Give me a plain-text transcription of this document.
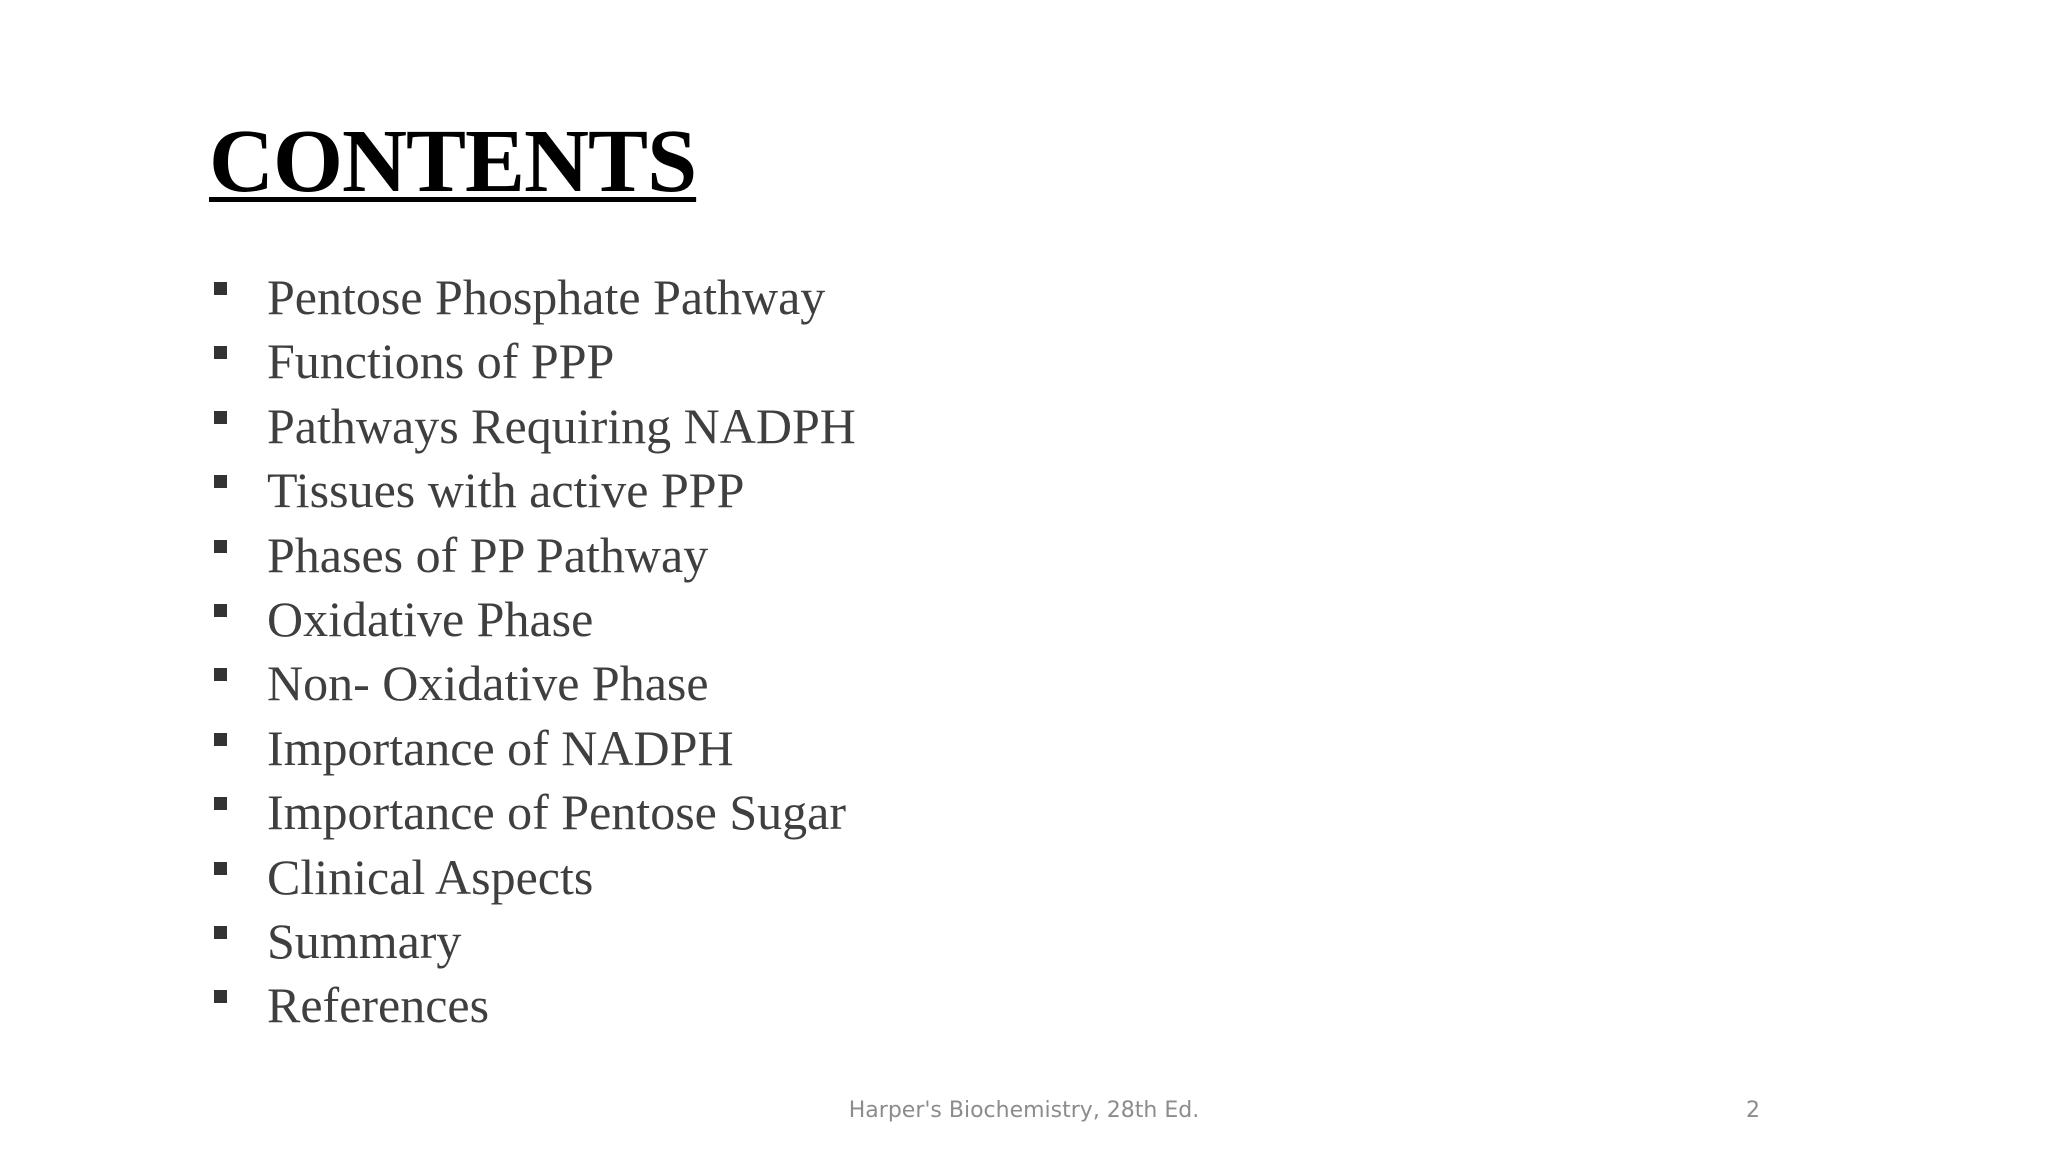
CONTENTS
Pentose Phosphate Pathway
Functions of PPP
Pathways Requiring NADPH
Tissues with active PPP
Phases of PP Pathway
Oxidative Phase
Non- Oxidative Phase
Importance of NADPH
Importance of Pentose Sugar
Clinical Aspects
Summary
References
Harper's Biochemistry, 28th Ed.	2
